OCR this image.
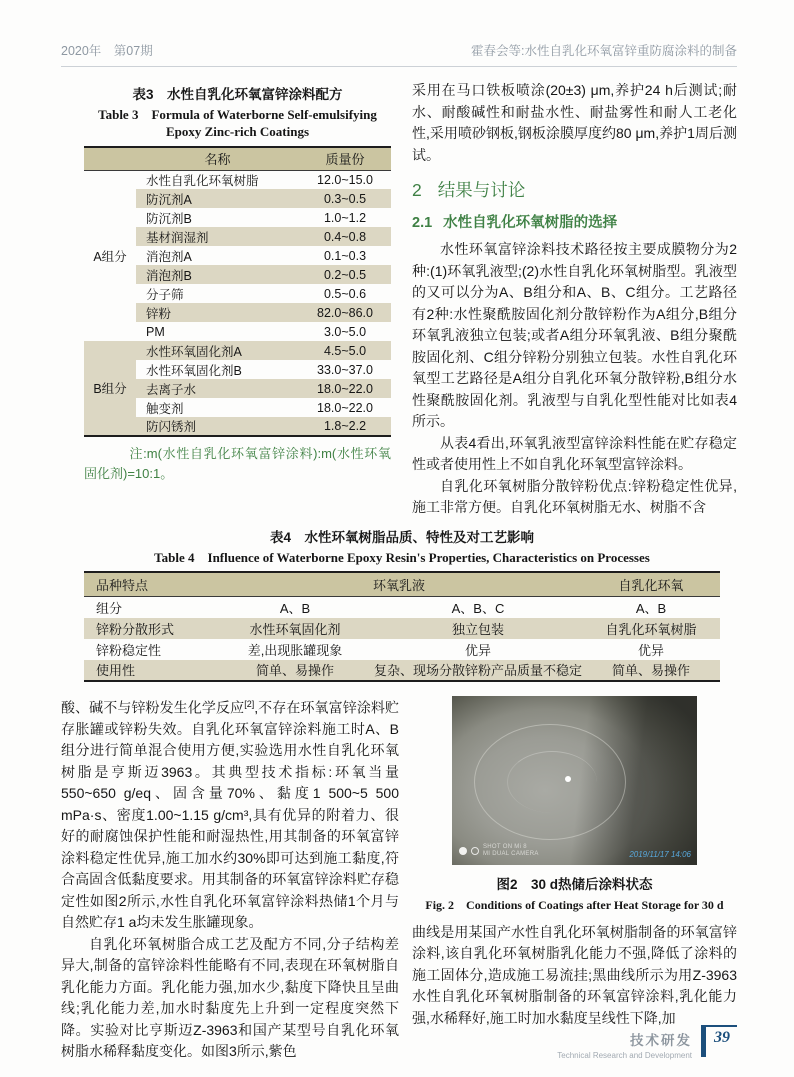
2020年　第07期	霍春会等:水性自乳化环氧富锌重防腐涂料的制备
表3　水性自乳化环氧富锌涂料配方
Table 3　Formula of Waterborne Self-emulsifying Epoxy Zinc-rich Coatings
	名称	质量份
A组分	水性自乳化环氧树脂	12.0~15.0
	防沉剂A	0.3~0.5
	防沉剂B	1.0~1.2
	基材润湿剂	0.4~0.8
	消泡剂A	0.1~0.3
	消泡剂B	0.2~0.5
	分子筛	0.5~0.6
	锌粉	82.0~86.0
	PM	3.0~5.0
B组分	水性环氧固化剂A	4.5~5.0
	水性环氧固化剂B	33.0~37.0
	去离子水	18.0~22.0
	触变剂	18.0~22.0
	防闪锈剂	1.8~2.2
注:m(水性自乳化环氧富锌涂料):m(水性环氧固化剂)=10:1。

采用在马口铁板喷涂(20±3) μm,养护24 h后测试;耐水、耐酸碱性和耐盐水性、耐盐雾性和耐人工老化性,采用喷砂钢板,钢板涂膜厚度约80 μm,养护1周后测试。

2 结果与讨论
2.1 水性自乳化环氧树脂的选择

水性环氧富锌涂料技术路径按主要成膜物分为2种:(1)环氧乳液型;(2)水性自乳化环氧树脂型。乳液型的又可以分为A、B组分和A、B、C组分。工艺路径有2种:水性聚酰胺固化剂分散锌粉作为A组分,B组分环氧乳液独立包装;或者A组分环氧乳液、B组分聚酰胺固化剂、C组分锌粉分别独立包装。水性自乳化环氧型工艺路径是A组分自乳化环氧分散锌粉,B组分水性聚酰胺固化剂。乳液型与自乳化型性能对比如表4所示。

从表4看出,环氧乳液型富锌涂料性能在贮存稳定性或者使用性上不如自乳化环氧型富锌涂料。

自乳化环氧树脂分散锌粉优点:锌粉稳定性优异,施工非常方便。自乳化环氧树脂无水、树脂不含

表4　水性环氧树脂品质、特性及对工艺影响
Table 4　Influence of Waterborne Epoxy Resin's Properties, Characteristics on Processes
品种特点	环氧乳液		自乳化环氧
组分	A、B	A、B、C	A、B
锌粉分散形式	水性环氧固化剂	独立包装	自乳化环氧树脂
锌粉稳定性	差,出现胀罐现象	优异	优异
使用性	简单、易操作	复杂、现场分散锌粉产品质量不稳定	简单、易操作

酸、碱不与锌粉发生化学反应[2],不存在环氧富锌涂料贮存胀罐或锌粉失效。自乳化环氧富锌涂料施工时A、B组分进行简单混合使用方便,实验选用水性自乳化环氧树脂是亨斯迈3963。其典型技术指标:环氧当量550~650 g/eq、固含量70%、黏度1 500~5 500 mPa·s、密度1.00~1.15 g/cm³,具有优异的附着力、很好的耐腐蚀保护性能和耐湿热性,用其制备的环氧富锌涂料稳定性优异,施工加水约30%即可达到施工黏度,符合高固含低黏度要求。用其制备的环氧富锌涂料贮存稳定性如图2所示,水性自乳化环氧富锌涂料热储1个月与自然贮存1 a均未发生胀罐现象。

自乳化环氧树脂合成工艺及配方不同,分子结构差异大,制备的富锌涂料性能略有不同,表现在环氧树脂自乳化能力方面。乳化能力强,加水少,黏度下降快且呈曲线;乳化能力差,加水时黏度先上升到一定程度突然下降。实验对比亨斯迈Z-3963和国产某型号自乳化环氧树脂水稀释黏度变化。如图3所示,紫色

SHOT ON Mi 8
MI DUAL CAMERA	2019/11/17 14:06
图2　30 d热储后涂料状态
Fig. 2　Conditions of Coatings after Heat Storage for 30 d

曲线是用某国产水性自乳化环氧树脂制备的环氧富锌涂料,该自乳化环氧树脂乳化能力不强,降低了涂料的施工固体分,造成施工易流挂;黑曲线所示为用Z-3963水性自乳化环氧树脂制备的环氧富锌涂料,乳化能力强,水稀释好,施工时加水黏度呈线性下降,加

技术研发
Technical Research and Development
39
